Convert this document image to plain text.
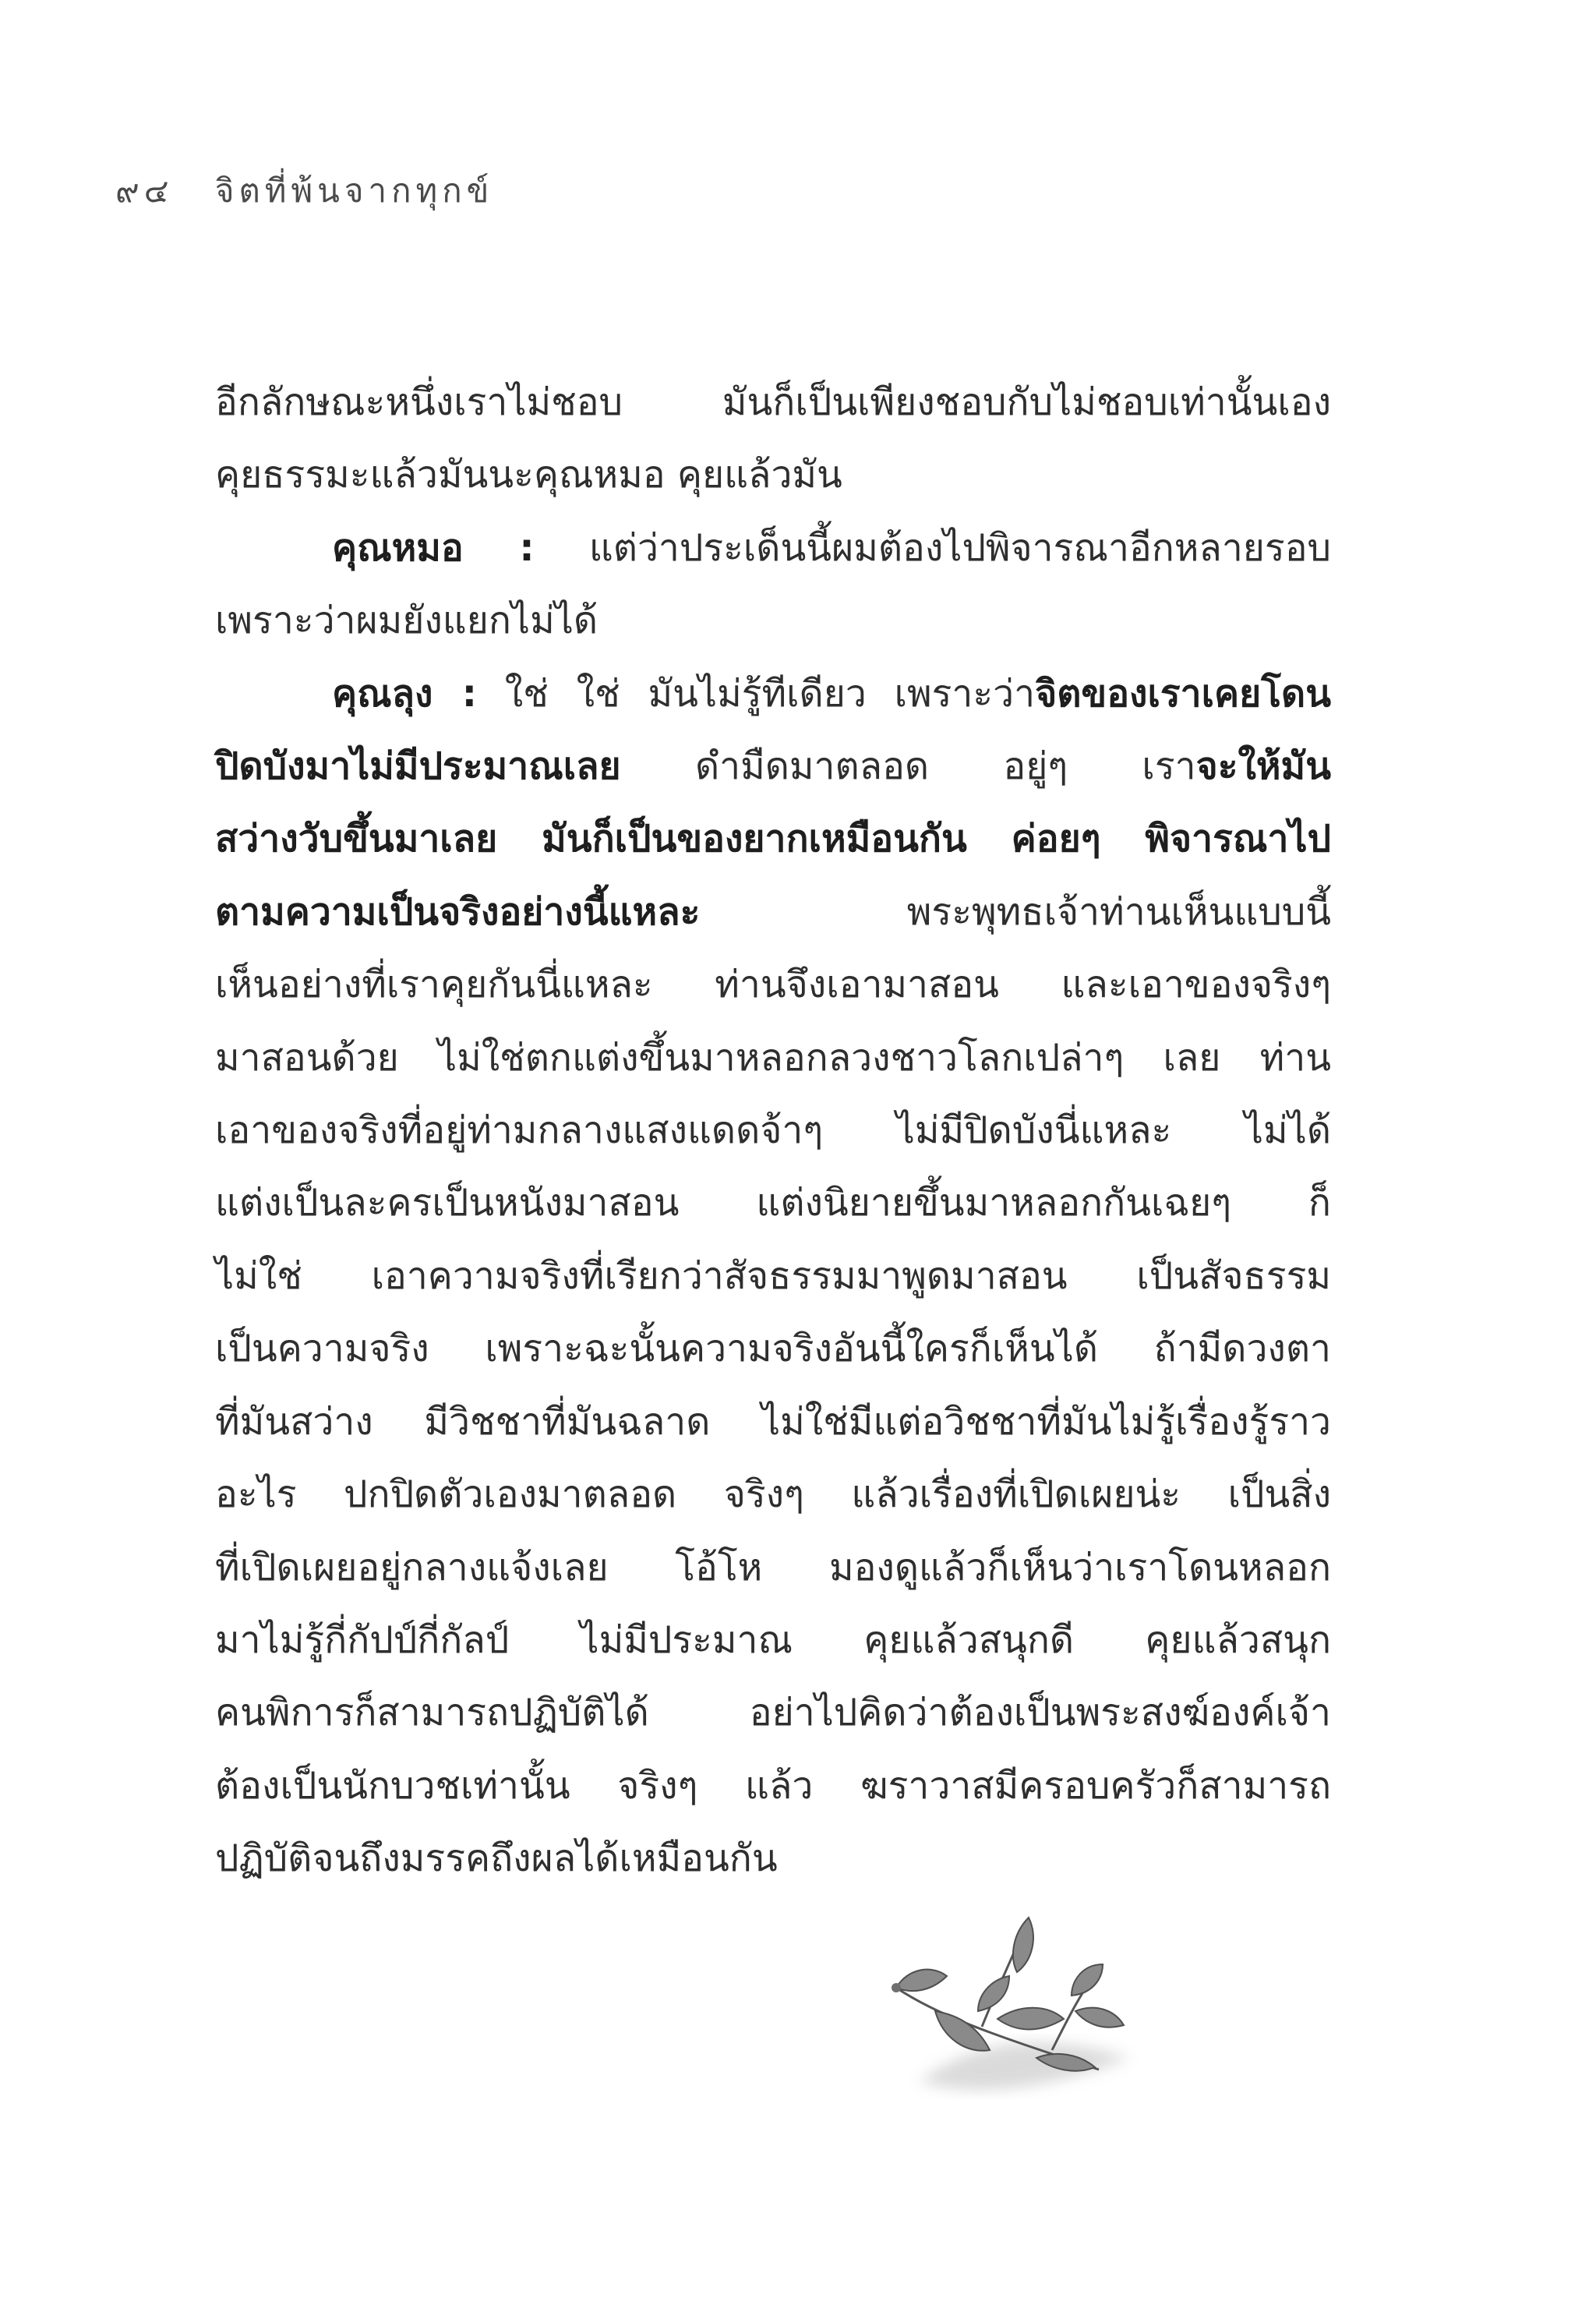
๙๔ จิตที่พ้นจากทุกข์

อีกลักษณะหนึ่งเราไม่ชอบ มันก็เป็นเพียงชอบกับไม่ชอบเท่านั้นเอง
คุยธรรมะแล้วมันนะคุณหมอ คุยแล้วมัน

คุณหมอ : แต่ว่าประเด็นนี้ผมต้องไปพิจารณาอีกหลายรอบ
เพราะว่าผมยังแยกไม่ได้

คุณลุง : ใช่ ใช่ มันไม่รู้ทีเดียว เพราะว่าจิตของเราเคยโดน
ปิดบังมาไม่มีประมาณเลย ดำมืดมาตลอด อยู่ๆ เราจะให้มัน
สว่างวับขึ้นมาเลย มันก็เป็นของยากเหมือนกัน ค่อยๆ พิจารณาไป
ตามความเป็นจริงอย่างนี้แหละ	พระพุทธเจ้าท่านเห็นแบบนี้
เห็นอย่างที่เราคุยกันนี่แหละ ท่านจึงเอามาสอน และเอาของจริงๆ
มาสอนด้วย ไม่ใช่ตกแต่งขึ้นมาหลอกลวงชาวโลกเปล่าๆ เลย ท่าน
เอาของจริงที่อยู่ท่ามกลางแสงแดดจ้าๆ ไม่มีปิดบังนี่แหละ ไม่ได้
แต่งเป็นละครเป็นหนังมาสอน แต่งนิยายขึ้นมาหลอกกันเฉยๆ ก็
ไม่ใช่ เอาความจริงที่เรียกว่าสัจธรรมมาพูดมาสอน เป็นสัจธรรม
เป็นความจริง เพราะฉะนั้นความจริงอันนี้ใครก็เห็นได้ ถ้ามีดวงตา
ที่มันสว่าง มีวิชชาที่มันฉลาด ไม่ใช่มีแต่อวิชชาที่มันไม่รู้เรื่องรู้ราว
อะไร ปกปิดตัวเองมาตลอด จริงๆ แล้วเรื่องที่เปิดเผยน่ะ เป็นสิ่ง
ที่เปิดเผยอยู่กลางแจ้งเลย โอ้โห มองดูแล้วก็เห็นว่าเราโดนหลอก
มาไม่รู้กี่กัปป์กี่กัลป์ ไม่มีประมาณ คุยแล้วสนุกดี คุยแล้วสนุก
คนพิการก็สามารถปฏิบัติได้ อย่าไปคิดว่าต้องเป็นพระสงฆ์องค์เจ้า
ต้องเป็นนักบวชเท่านั้น จริงๆ แล้ว ฆราวาสมีครอบครัวก็สามารถ
ปฏิบัติจนถึงมรรคถึงผลได้เหมือนกัน
